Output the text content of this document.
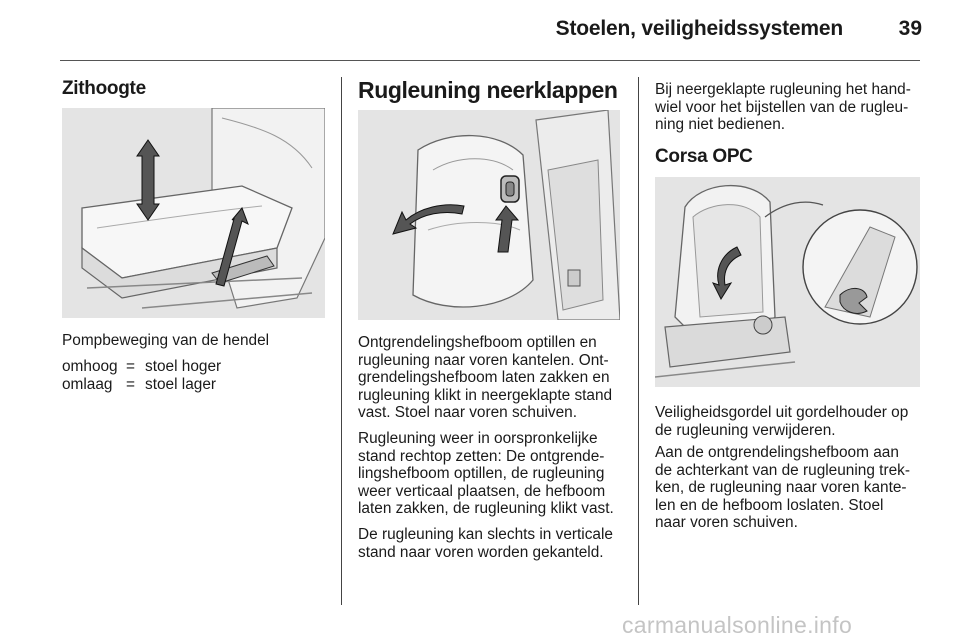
Stoelen, veiligheidssystemen	39
Zithoogte
Pompbeweging van de hendel
omhoog = stoel hoger
omlaag = stoel lager
Rugleuning neerklappen
Ontgrendelingshefboom optillen en
rugleuning naar voren kantelen. Ont-
grendelingshefboom laten zakken en
rugleuning klikt in neergeklapte stand
vast. Stoel naar voren schuiven.
Rugleuning weer in oorspronkelijke
stand rechtop zetten: De ontgrende-
lingshefboom optillen, de rugleuning
weer verticaal plaatsen, de hefboom
laten zakken, de rugleuning klikt vast.
De rugleuning kan slechts in verticale
stand naar voren worden gekanteld.
Bij neergeklapte rugleuning het hand-
wiel voor het bijstellen van de rugleu-
ning niet bedienen.
Corsa OPC
Veiligheidsgordel uit gordelhouder op
de rugleuning verwijderen.
Aan de ontgrendelingshefboom aan
de achterkant van de rugleuning trek-
ken, de rugleuning naar voren kante-
len en de hefboom loslaten. Stoel
naar voren schuiven.
carmanualsonline.info
